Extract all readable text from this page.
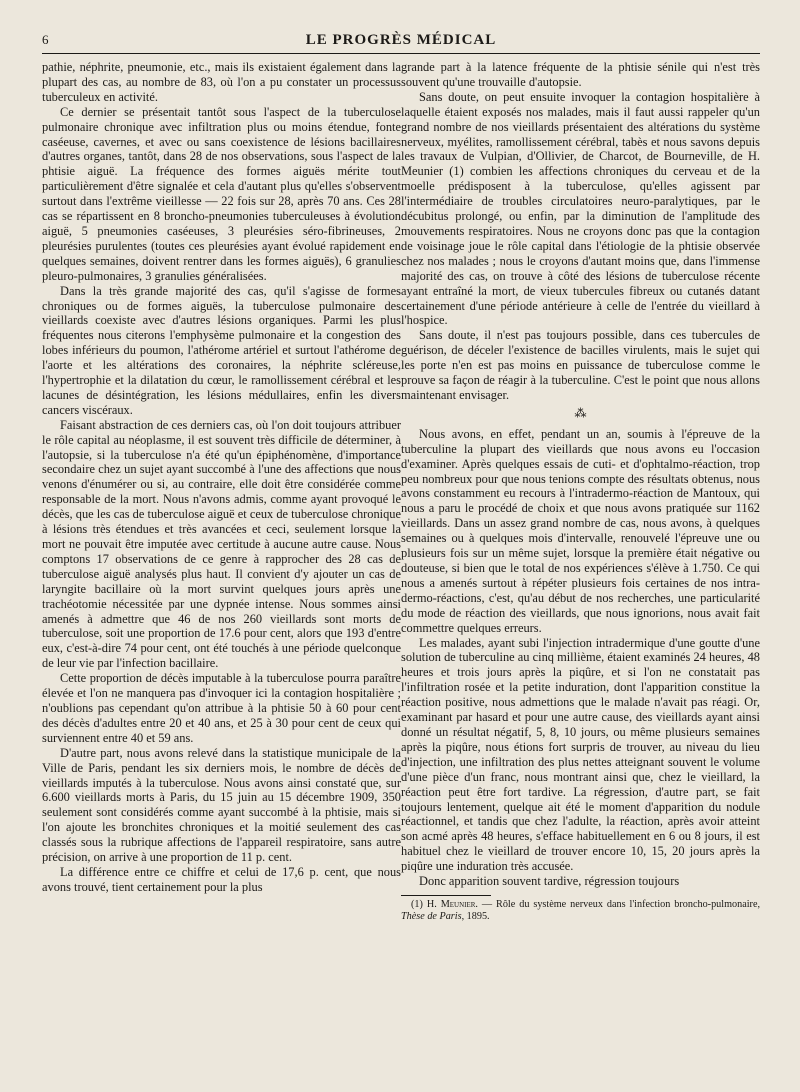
6	LE PROGRÈS MÉDICAL

pathie, néphrite, pneumonie, etc., mais ils existaient également dans la plupart des cas, au nombre de 83, où l'on a pu constater un processus tuberculeux en activité.

Ce dernier se présentait tantôt sous l'aspect de la tuberculose pulmonaire chronique avec infiltration plus ou moins étendue, fonte caséeuse, cavernes, et avec ou sans coexistence de lésions bacillaires d'autres organes, tantôt, dans 28 de nos observations, sous l'aspect de la phtisie aiguë. La fréquence des formes aiguës mérite tout particulièrement d'être signalée et cela d'autant plus qu'elles s'observent surtout dans l'extrême vieillesse — 22 fois sur 28, après 70 ans. Ces 28 cas se répartissent en 8 broncho-pneumonies tuberculeuses à évolution aiguë, 5 pneumonies caséeuses, 3 pleurésies séro-fibrineuses, 2 pleurésies purulentes (toutes ces pleurésies ayant évolué rapidement en quelques semaines, doivent rentrer dans les formes aiguës), 6 granulies pleuro-pulmonaires, 3 granulies généralisées.

Dans la très grande majorité des cas, qu'il s'agisse de formes chroniques ou de formes aiguës, la tuberculose pulmonaire des vieillards coexiste avec d'autres lésions organiques. Parmi les plus fréquentes nous citerons l'emphysème pulmonaire et la congestion des lobes inférieurs du poumon, l'athérome artériel et surtout l'athérome de l'aorte et les altérations des coronaires, la néphrite scléreuse, l'hypertrophie et la dilatation du cœur, le ramollissement cérébral et les lacunes de désintégration, les lésions médullaires, enfin les divers cancers viscéraux.

Faisant abstraction de ces derniers cas, où l'on doit toujours attribuer le rôle capital au néoplasme, il est souvent très difficile de déterminer, à l'autopsie, si la tuberculose n'a été qu'un épiphénomène, d'importance secondaire chez un sujet ayant succombé à l'une des affections que nous venons d'énumérer ou si, au contraire, elle doit être considérée comme responsable de la mort. Nous n'avons admis, comme ayant provoqué le décès, que les cas de tuberculose aiguë et ceux de tuberculose chronique à lésions très étendues et très avancées et ceci, seulement lorsque la mort ne pouvait être imputée avec certitude à aucune autre cause. Nous comptons 17 observations de ce genre à rapprocher des 28 cas de tuberculose aiguë analysés plus haut. Il convient d'y ajouter un cas de laryngite bacillaire où la mort survint quelques jours après une trachéotomie nécessitée par une dypnée intense. Nous sommes ainsi amenés à admettre que 46 de nos 260 vieillards sont morts de tuberculose, soit une proportion de 17.6 pour cent, alors que 193 d'entre eux, c'est-à-dire 74 pour cent, ont été touchés à une période quelconque de leur vie par l'infection bacillaire.

Cette proportion de décès imputable à la tuberculose pourra paraître élevée et l'on ne manquera pas d'invoquer ici la contagion hospitalière ; n'oublions pas cependant qu'on attribue à la phtisie 50 à 60 pour cent des décès d'adultes entre 20 et 40 ans, et 25 à 30 pour cent de ceux qui surviennent entre 40 et 59 ans.

D'autre part, nous avons relevé dans la statistique municipale de la Ville de Paris, pendant les six derniers mois, le nombre de décès de vieillards imputés à la tuberculose. Nous avons ainsi constaté que, sur 6.600 vieillards morts à Paris, du 15 juin au 15 décembre 1909, 350 seulement sont considérés comme ayant succombé à la phtisie, mais si l'on ajoute les bronchites chroniques et la moitié seulement des cas classés sous la rubrique affections de l'appareil respiratoire, sans autre précision, on arrive à une proportion de 11 p. cent.

La différence entre ce chiffre et celui de 17,6 p. cent, que nous avons trouvé, tient certainement pour la plus

grande part à la latence fréquente de la phtisie sénile qui n'est très souvent qu'une trouvaille d'autopsie.

Sans doute, on peut ensuite invoquer la contagion hospitalière à laquelle étaient exposés nos malades, mais il faut aussi rappeler qu'un grand nombre de nos vieillards présentaient des altérations du système nerveux, myélites, ramollissement cérébral, tabès et nous savons depuis les travaux de Vulpian, d'Ollivier, de Charcot, de Bourneville, de H. Meunier (1) combien les affections chroniques du cerveau et de la moelle prédisposent à la tuberculose, qu'elles agissent par l'intermédiaire de troubles circulatoires neuro-paralytiques, par le décubitus prolongé, ou enfin, par la diminution de l'amplitude des mouvements respiratoires. Nous ne croyons donc pas que la contagion de voisinage joue le rôle capital dans l'étiologie de la phtisie observée chez nos malades ; nous le croyons d'autant moins que, dans l'immense majorité des cas, on trouve à côté des lésions de tuberculose récente ayant entraîné la mort, de vieux tubercules fibreux ou cutanés datant certainement d'une période antérieure à celle de l'entrée du vieillard à l'hospice.

Sans doute, il n'est pas toujours possible, dans ces tubercules de guérison, de déceler l'existence de bacilles virulents, mais le sujet qui les porte n'en est pas moins en puissance de tuberculose comme le prouve sa façon de réagir à la tuberculine. C'est le point que nous allons maintenant envisager.

⁂

Nous avons, en effet, pendant un an, soumis à l'épreuve de la tuberculine la plupart des vieillards que nous avons eu l'occasion d'examiner. Après quelques essais de cuti- et d'ophtalmo-réaction, trop peu nombreux pour que nous tenions compte des résultats obtenus, nous avons constamment eu recours à l'intradermo-réaction de Mantoux, qui nous a paru le procédé de choix et que nous avons pratiquée sur 1162 vieillards. Dans un assez grand nombre de cas, nous avons, à quelques semaines ou à quelques mois d'intervalle, renouvelé l'épreuve une ou plusieurs fois sur un même sujet, lorsque la première était négative ou douteuse, si bien que le total de nos expériences s'élève à 1.750. Ce qui nous a amenés surtout à répéter plusieurs fois certaines de nos intra-dermo-réactions, c'est, qu'au début de nos recherches, une particularité du mode de réaction des vieillards, que nous ignorions, nous avait fait commettre quelques erreurs.

Les malades, ayant subi l'injection intradermique d'une goutte d'une solution de tuberculine au cinq millième, étaient examinés 24 heures, 48 heures et trois jours après la piqûre, et si l'on ne constatait pas l'infiltration rosée et la petite induration, dont l'apparition constitue la réaction positive, nous admettions que le malade n'avait pas réagi. Or, examinant par hasard et pour une autre cause, des vieillards ayant ainsi donné un résultat négatif, 5, 8, 10 jours, ou même plusieurs semaines après la piqûre, nous étions fort surpris de trouver, au niveau du lieu d'injection, une infiltration des plus nettes atteignant souvent le volume d'une pièce d'un franc, nous montrant ainsi que, chez le vieillard, la réaction peut être fort tardive. La régression, d'autre part, se fait toujours lentement, quelque ait été le moment d'apparition du nodule réactionnel, et tandis que chez l'adulte, la réaction, après avoir atteint son acmé après 48 heures, s'efface habituellement en 6 ou 8 jours, il est habituel chez le vieillard de trouver encore 10, 15, 20 jours après la piqûre une induration très accusée.

Donc apparition souvent tardive, régression toujours

(1) H. Meunier. — Rôle du système nerveux dans l'infection broncho-pulmonaire, Thèse de Paris, 1895.
